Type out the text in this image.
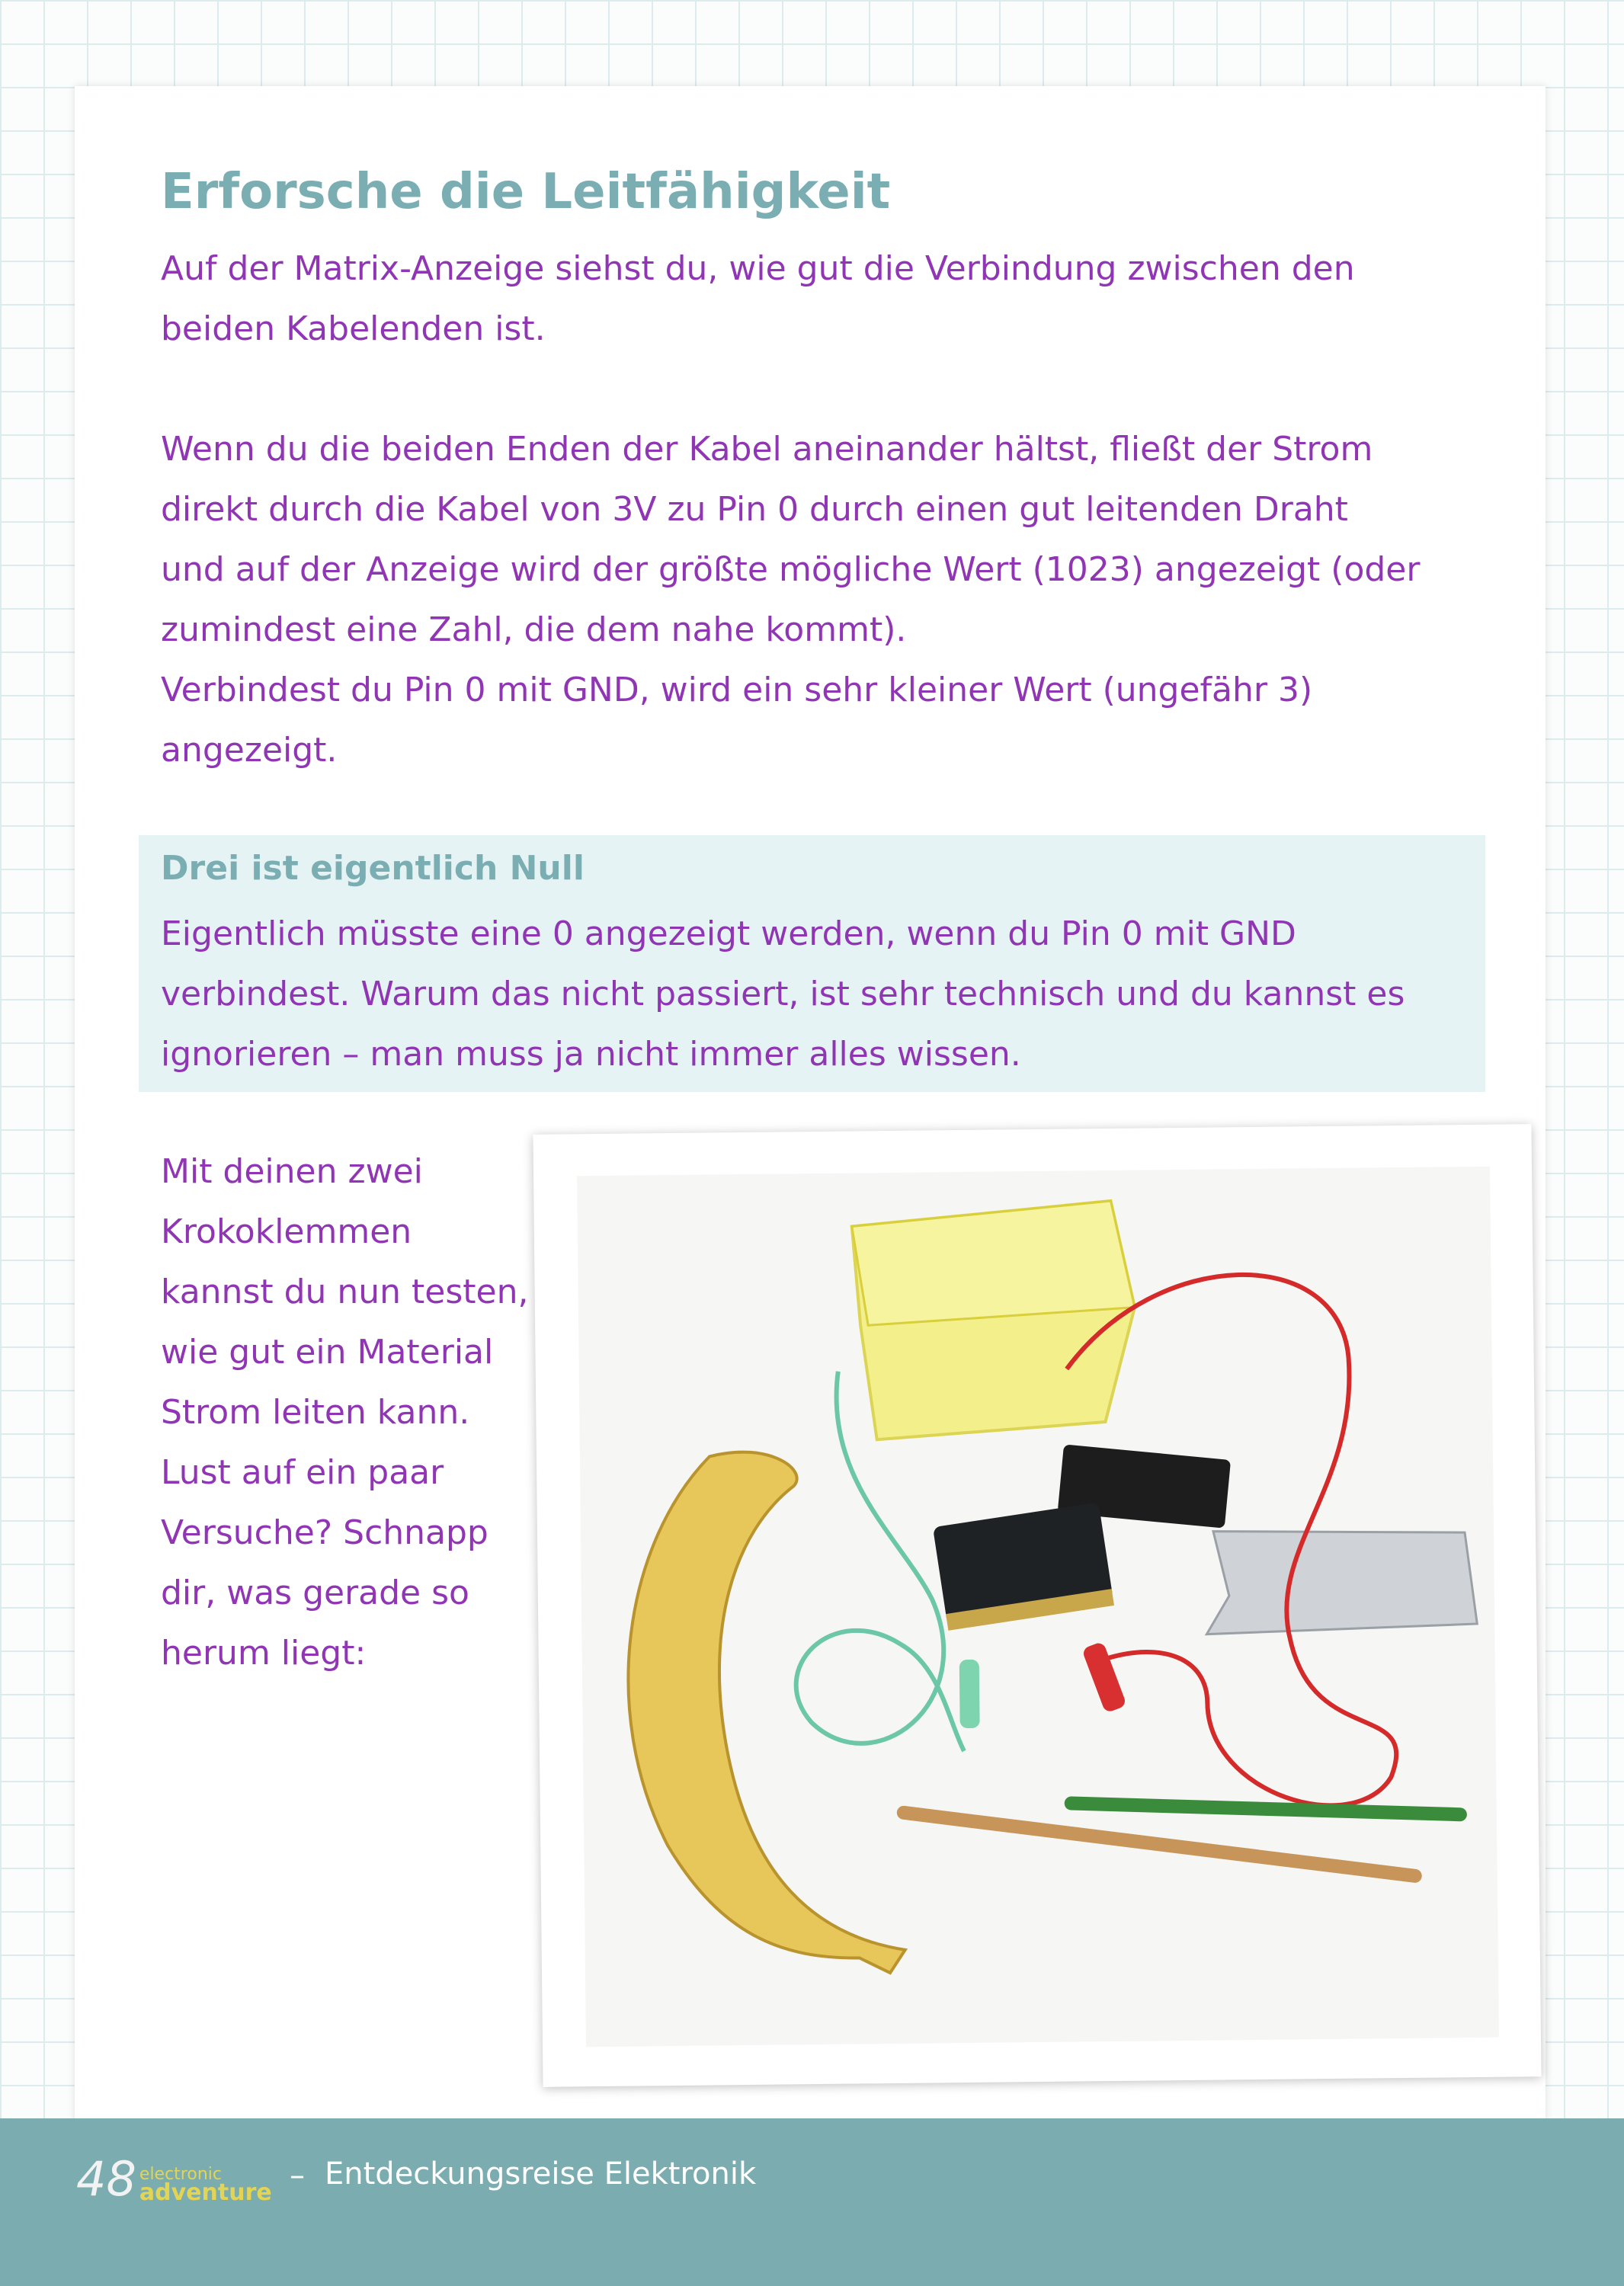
Erforsche die Leitfähigkeit

Auf der Matrix-Anzeige siehst du, wie gut die Verbindung zwischen den

beiden Kabelenden ist.

Wenn du die beiden Enden der Kabel aneinander hältst, fließt der Strom

direkt durch die Kabel von 3V zu Pin 0 durch einen gut leitenden Draht

und auf der Anzeige wird der größte mögliche Wert (1023) angezeigt (oder

zumindest eine Zahl, die dem nahe kommt).

Verbindest du Pin 0 mit GND, wird ein sehr kleiner Wert (ungefähr 3)

angezeigt.

Drei ist eigentlich Null
Eigentlich müsste eine 0 angezeigt werden, wenn du Pin 0 mit GND
verbindest. Warum das nicht passiert, ist sehr technisch und du kannst es
ignorieren – man muss ja nicht immer alles wissen.
Mit deinen zwei
Krokoklemmen
kannst du nun testen,
wie gut ein Material
Strom leiten kann.
Lust auf ein paar
Versuche? Schnapp
dir, was gerade so
herum liegt:
48 electronic
adventure – Entdeckungsreise Elektronik
